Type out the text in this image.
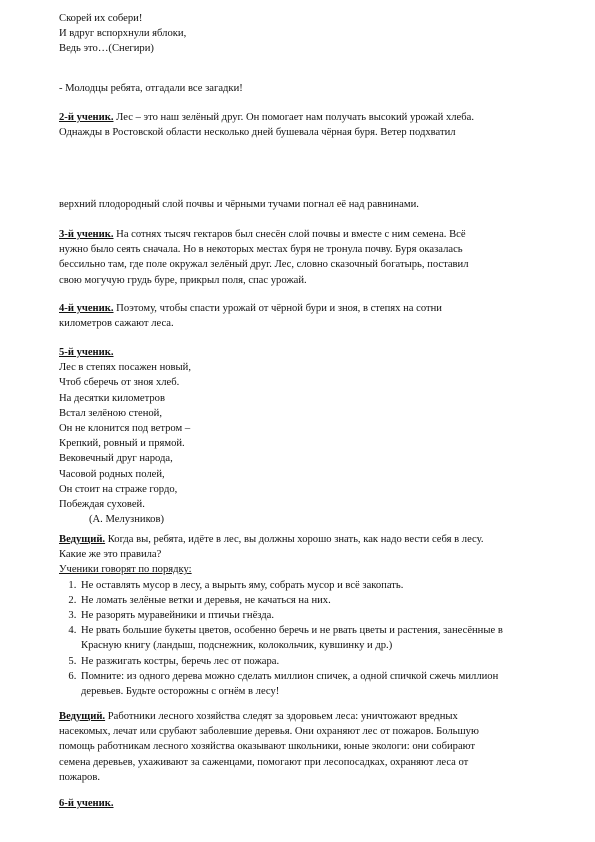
Скорей их собери!
И вдруг вспорхнули яблоки,
Ведь это…(Снегири)
- Молодцы ребята, отгадали все загадки!
2-й ученик. Лес – это наш зелёный друг. Он помогает нам получать высокий урожай хлеба.
Однажды в Ростовской области несколько дней бушевала чёрная буря. Ветер подхватил
верхний плодородный слой почвы и чёрными тучами погнал её над равнинами.
3-й ученик. На сотнях тысяч гектаров был снесён слой почвы и вместе с ним семена. Всё
нужно было сеять сначала. Но в некоторых местах буря не тронула почву. Буря оказалась
бессильно там, где поле окружал зелёный друг. Лес, словно сказочный богатырь, поставил
свою могучую грудь буре, прикрыл поля, спас урожай.
4-й ученик. Поэтому, чтобы спасти урожай от чёрной бури и зноя, в степях на сотни
километров сажают леса.
5-й ученик.
Лес в степях посажен новый,
Чтоб сберечь от зноя хлеб.
На десятки километров
Встал зелёною стеной,
Он не клонится под ветром –
Крепкий, ровный и прямой.
Вековечный друг народа,
Часовой родных полей,
Он стоит на страже гордо,
Побеждая суховей.
(А. Мелузников)
Ведущий. Когда вы, ребята, идёте в лес, вы должны хорошо знать, как надо вести себя в лесу.
Какие же это правила?
Ученики говорят по порядку:
1. Не оставлять мусор в лесу, а вырыть яму, собрать мусор и всё закопать.
2. Не ломать зелёные ветки и деревья, не качаться на них.
3. Не разорять муравейники и птичьи гнёзда.
4. Не рвать большие букеты цветов, особенно беречь и не рвать цветы и растения, занесённые в Красную книгу (ландыш, подснежник, колокольчик, кувшинку и др.)
5. Не разжигать костры, беречь лес от пожара.
6. Помните: из одного дерева можно сделать миллион спичек, а одной спичкой сжечь миллион деревьев. Будьте осторожны с огнём в лесу!
Ведущий. Работники лесного хозяйства следят за здоровьем леса: уничтожают вредных
насекомых, лечат или срубают заболевшие деревья. Они охраняют лес от пожаров. Большую
помощь работникам лесного хозяйства оказывают школьники, юные экологи: они собирают
семена деревьев, ухаживают за саженцами, помогают при лесопосадках, охраняют леса от
пожаров.
6-й ученик.
